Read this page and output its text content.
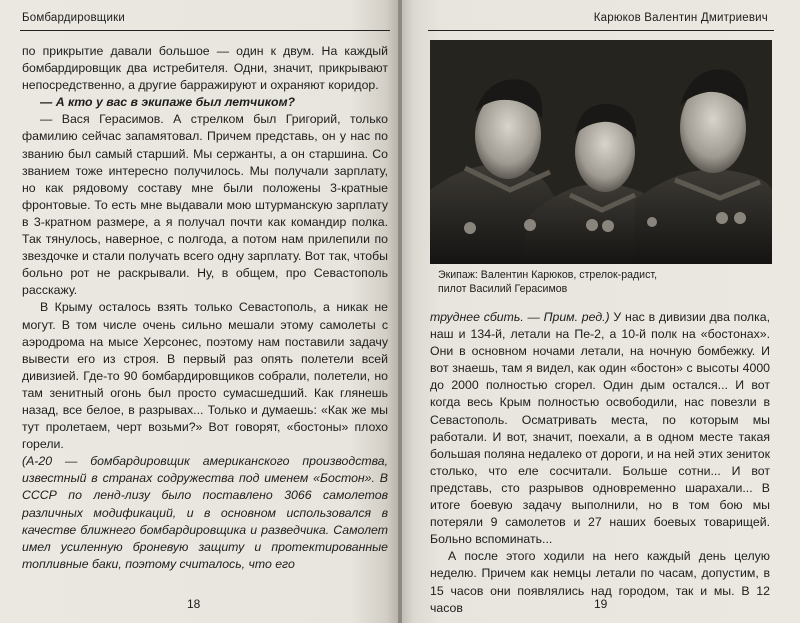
Бомбардировщики

по прикрытие давали большое — один к двум. На каждый бомбардировщик два истребителя. Одни, значит, прикрывают непосредственно, а другие барражируют и охраняют коридор.

— А кто у вас в экипаже был летчиком?

— Вася Герасимов. А стрелком был Григорий, только фамилию сейчас запамятовал. Причем представь, он у нас по званию был самый старший. Мы сержанты, а он старшина. Со званием тоже интересно получилось. Мы получали зарплату, но как рядовому составу мне были положены 3-кратные фронтовые. То есть мне выдавали мою штурманскую зарплату в 3-кратном размере, а я получал почти как командир полка. Так тянулось, наверное, с полгода, а потом нам прилепили по звездочке и стали получать всего одну зарплату. Вот так, чтобы больно рот не раскрывали. Ну, в общем, про Севастополь расскажу.

В Крыму осталось взять только Севастополь, а никак не могут. В том числе очень сильно мешали этому самолеты с аэродрома на мысе Херсонес, поэтому нам поставили задачу вывести его из строя. В первый раз опять полетели всей дивизией. Где-то 90 бомбардировщиков собрали, полетели, но там зенитный огонь был просто сумасшедший. Как глянешь назад, все белое, в разрывах... Только и думаешь: «Как же мы тут пролетаем, черт возьми?» Вот говорят, «бостоны» плохо горели.

(А-20 — бомбардировщик американского производства, известный в странах содружества под именем «Бостон». В СССР по ленд-лизу было поставлено 3066 самолетов различных модификаций, и в основном использовался в качестве ближнего бомбардировщика и разведчика. Самолет имел усиленную броневую защиту и протектированные топливные баки, поэтому считалось, что его

18
Карюков Валентин Дмитриевич
Экипаж: Валентин Карюков, стрелок-радист,
пилот Василий Герасимов

труднее сбить. — Прим. ред.) У нас в дивизии два полка, наш и 134-й, летали на Пе-2, а 10-й полк на «бостонах». Они в основном ночами летали, на ночную бомбежку. И вот знаешь, там я видел, как один «бостон» с высоты 4000 до 2000 полностью сгорел. Один дым остался... И вот когда весь Крым полностью освободили, нас повезли в Севастополь. Осматривать места, по которым мы работали. И вот, значит, поехали, а в одном месте такая большая поляна недалеко от дороги, и на ней этих зениток столько, что еле сосчитали. Больше сотни... И вот представь, сто разрывов одновременно шарахали... В итоге боевую задачу выполнили, но в том бою мы потеряли 9 самолетов и 27 наших боевых товарищей. Больно вспоминать...

А после этого ходили на него каждый день целую неделю. Причем как немцы летали по часам, допустим, в 15 часов они появлялись над городом, так и мы. В 12 часов	19
